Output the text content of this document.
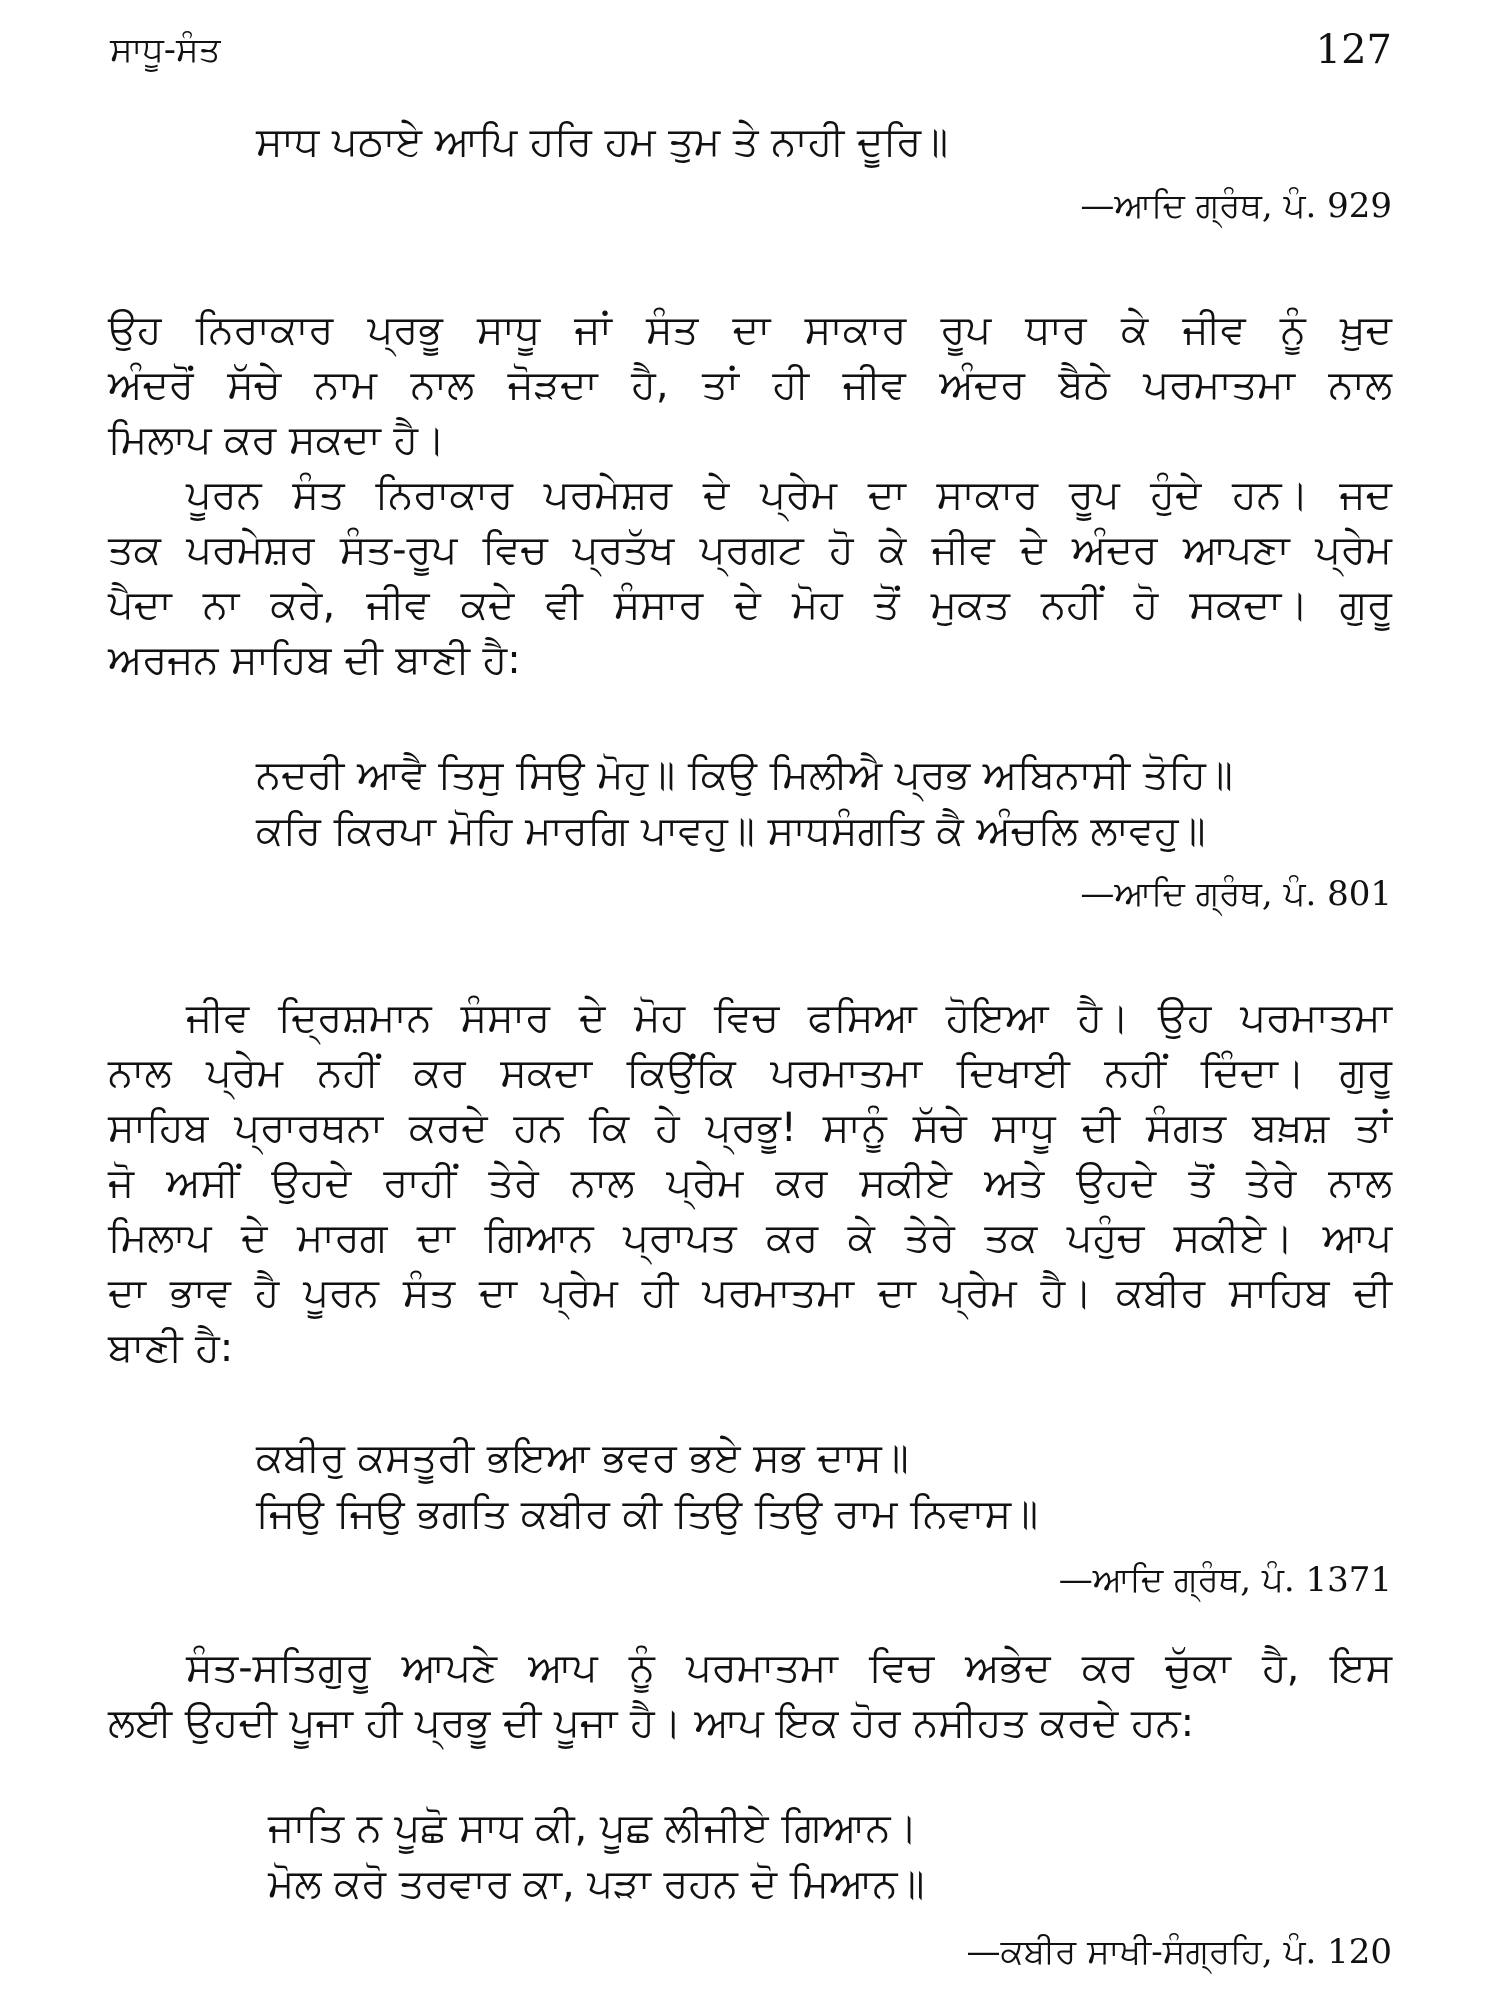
ਸਾਧੂ-ਸੰਤ	127
ਸਾਧ ਪਠਾਏ ਆਪਿ ਹਰਿ ਹਮ ਤੁਮ ਤੇ ਨਾਹੀ ਦੂਰਿ॥
—ਆਦਿ ਗ੍ਰੰਥ, ਪੰ. 929
ਉਹ ਨਿਰਾਕਾਰ ਪ੍ਰਭੂ ਸਾਧੂ ਜਾਂ ਸੰਤ ਦਾ ਸਾਕਾਰ ਰੂਪ ਧਾਰ ਕੇ ਜੀਵ ਨੂੰ ਖ਼ੁਦ
ਅੰਦਰੋਂ ਸੱਚੇ ਨਾਮ ਨਾਲ ਜੋੜਦਾ ਹੈ, ਤਾਂ ਹੀ ਜੀਵ ਅੰਦਰ ਬੈਠੇ ਪਰਮਾਤਮਾ ਨਾਲ
ਮਿਲਾਪ ਕਰ ਸਕਦਾ ਹੈ।
ਪੂਰਨ ਸੰਤ ਨਿਰਾਕਾਰ ਪਰਮੇਸ਼ਰ ਦੇ ਪ੍ਰੇਮ ਦਾ ਸਾਕਾਰ ਰੂਪ ਹੁੰਦੇ ਹਨ। ਜਦ
ਤਕ ਪਰਮੇਸ਼ਰ ਸੰਤ-ਰੂਪ ਵਿਚ ਪ੍ਰਤੱਖ ਪ੍ਰਗਟ ਹੋ ਕੇ ਜੀਵ ਦੇ ਅੰਦਰ ਆਪਣਾ ਪ੍ਰੇਮ
ਪੈਦਾ ਨਾ ਕਰੇ, ਜੀਵ ਕਦੇ ਵੀ ਸੰਸਾਰ ਦੇ ਮੋਹ ਤੋਂ ਮੁਕਤ ਨਹੀਂ ਹੋ ਸਕਦਾ। ਗੁਰੂ
ਅਰਜਨ ਸਾਹਿਬ ਦੀ ਬਾਣੀ ਹੈ:
ਨਦਰੀ ਆਵੈ ਤਿਸੁ ਸਿਉ ਮੋਹੁ॥ ਕਿਉ ਮਿਲੀਐ ਪ੍ਰਭ ਅਬਿਨਾਸੀ ਤੋਹਿ॥
ਕਰਿ ਕਿਰਪਾ ਮੋਹਿ ਮਾਰਗਿ ਪਾਵਹੁ॥ ਸਾਧਸੰਗਤਿ ਕੈ ਅੰਚਲਿ ਲਾਵਹੁ॥
—ਆਦਿ ਗ੍ਰੰਥ, ਪੰ. 801
ਜੀਵ ਦ੍ਰਿਸ਼ਮਾਨ ਸੰਸਾਰ ਦੇ ਮੋਹ ਵਿਚ ਫਸਿਆ ਹੋਇਆ ਹੈ। ਉਹ ਪਰਮਾਤਮਾ
ਨਾਲ ਪ੍ਰੇਮ ਨਹੀਂ ਕਰ ਸਕਦਾ ਕਿਉਂਕਿ ਪਰਮਾਤਮਾ ਦਿਖਾਈ ਨਹੀਂ ਦਿੰਦਾ। ਗੁਰੂ
ਸਾਹਿਬ ਪ੍ਰਾਰਥਨਾ ਕਰਦੇ ਹਨ ਕਿ ਹੇ ਪ੍ਰਭੂ! ਸਾਨੂੰ ਸੱਚੇ ਸਾਧੂ ਦੀ ਸੰਗਤ ਬਖ਼ਸ਼ ਤਾਂ
ਜੋ ਅਸੀਂ ਉਹਦੇ ਰਾਹੀਂ ਤੇਰੇ ਨਾਲ ਪ੍ਰੇਮ ਕਰ ਸਕੀਏ ਅਤੇ ਉਹਦੇ ਤੋਂ ਤੇਰੇ ਨਾਲ
ਮਿਲਾਪ ਦੇ ਮਾਰਗ ਦਾ ਗਿਆਨ ਪ੍ਰਾਪਤ ਕਰ ਕੇ ਤੇਰੇ ਤਕ ਪਹੁੰਚ ਸਕੀਏ। ਆਪ
ਦਾ ਭਾਵ ਹੈ ਪੂਰਨ ਸੰਤ ਦਾ ਪ੍ਰੇਮ ਹੀ ਪਰਮਾਤਮਾ ਦਾ ਪ੍ਰੇਮ ਹੈ। ਕਬੀਰ ਸਾਹਿਬ ਦੀ
ਬਾਣੀ ਹੈ:
ਕਬੀਰੁ ਕਸਤੂਰੀ ਭਇਆ ਭਵਰ ਭਏ ਸਭ ਦਾਸ॥
ਜਿਉ ਜਿਉ ਭਗਤਿ ਕਬੀਰ ਕੀ ਤਿਉ ਤਿਉ ਰਾਮ ਨਿਵਾਸ॥
—ਆਦਿ ਗ੍ਰੰਥ, ਪੰ. 1371
ਸੰਤ-ਸਤਿਗੁਰੂ ਆਪਣੇ ਆਪ ਨੂੰ ਪਰਮਾਤਮਾ ਵਿਚ ਅਭੇਦ ਕਰ ਚੁੱਕਾ ਹੈ, ਇਸ
ਲਈ ਉਹਦੀ ਪੂਜਾ ਹੀ ਪ੍ਰਭੂ ਦੀ ਪੂਜਾ ਹੈ। ਆਪ ਇਕ ਹੋਰ ਨਸੀਹਤ ਕਰਦੇ ਹਨ:
ਜਾਤਿ ਨ ਪੂਛੋ ਸਾਧ ਕੀ, ਪੂਛ ਲੀਜੀਏ ਗਿਆਨ।
ਮੋਲ ਕਰੋ ਤਰਵਾਰ ਕਾ, ਪੜਾ ਰਹਨ ਦੋ ਮਿਆਨ॥
—ਕਬੀਰ ਸਾਖੀ-ਸੰਗ੍ਰਹਿ, ਪੰ. 120
